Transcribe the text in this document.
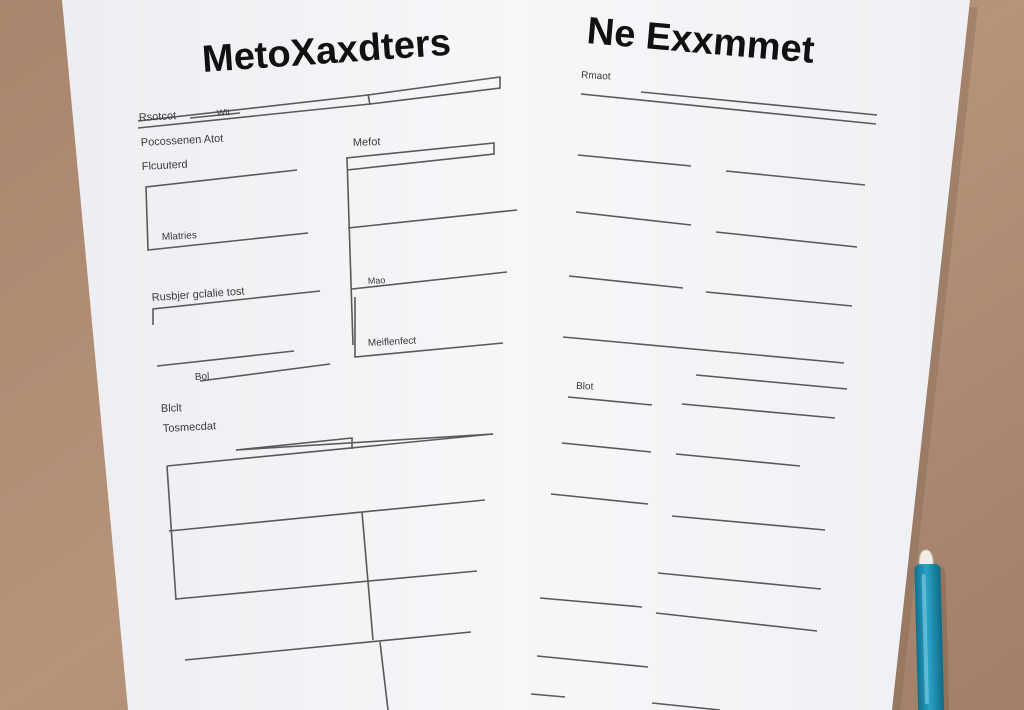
MetoXaxdters
Rsotcot	Wlt
Pocossenen Atot
Flcuuterd
Mlatries
Mefot
Mao
Rusbjer gclalie tost
Meiflenfect
Bol
Blclt
Tosmecdat
Ne Exxmmet
Rmaot
Blot
